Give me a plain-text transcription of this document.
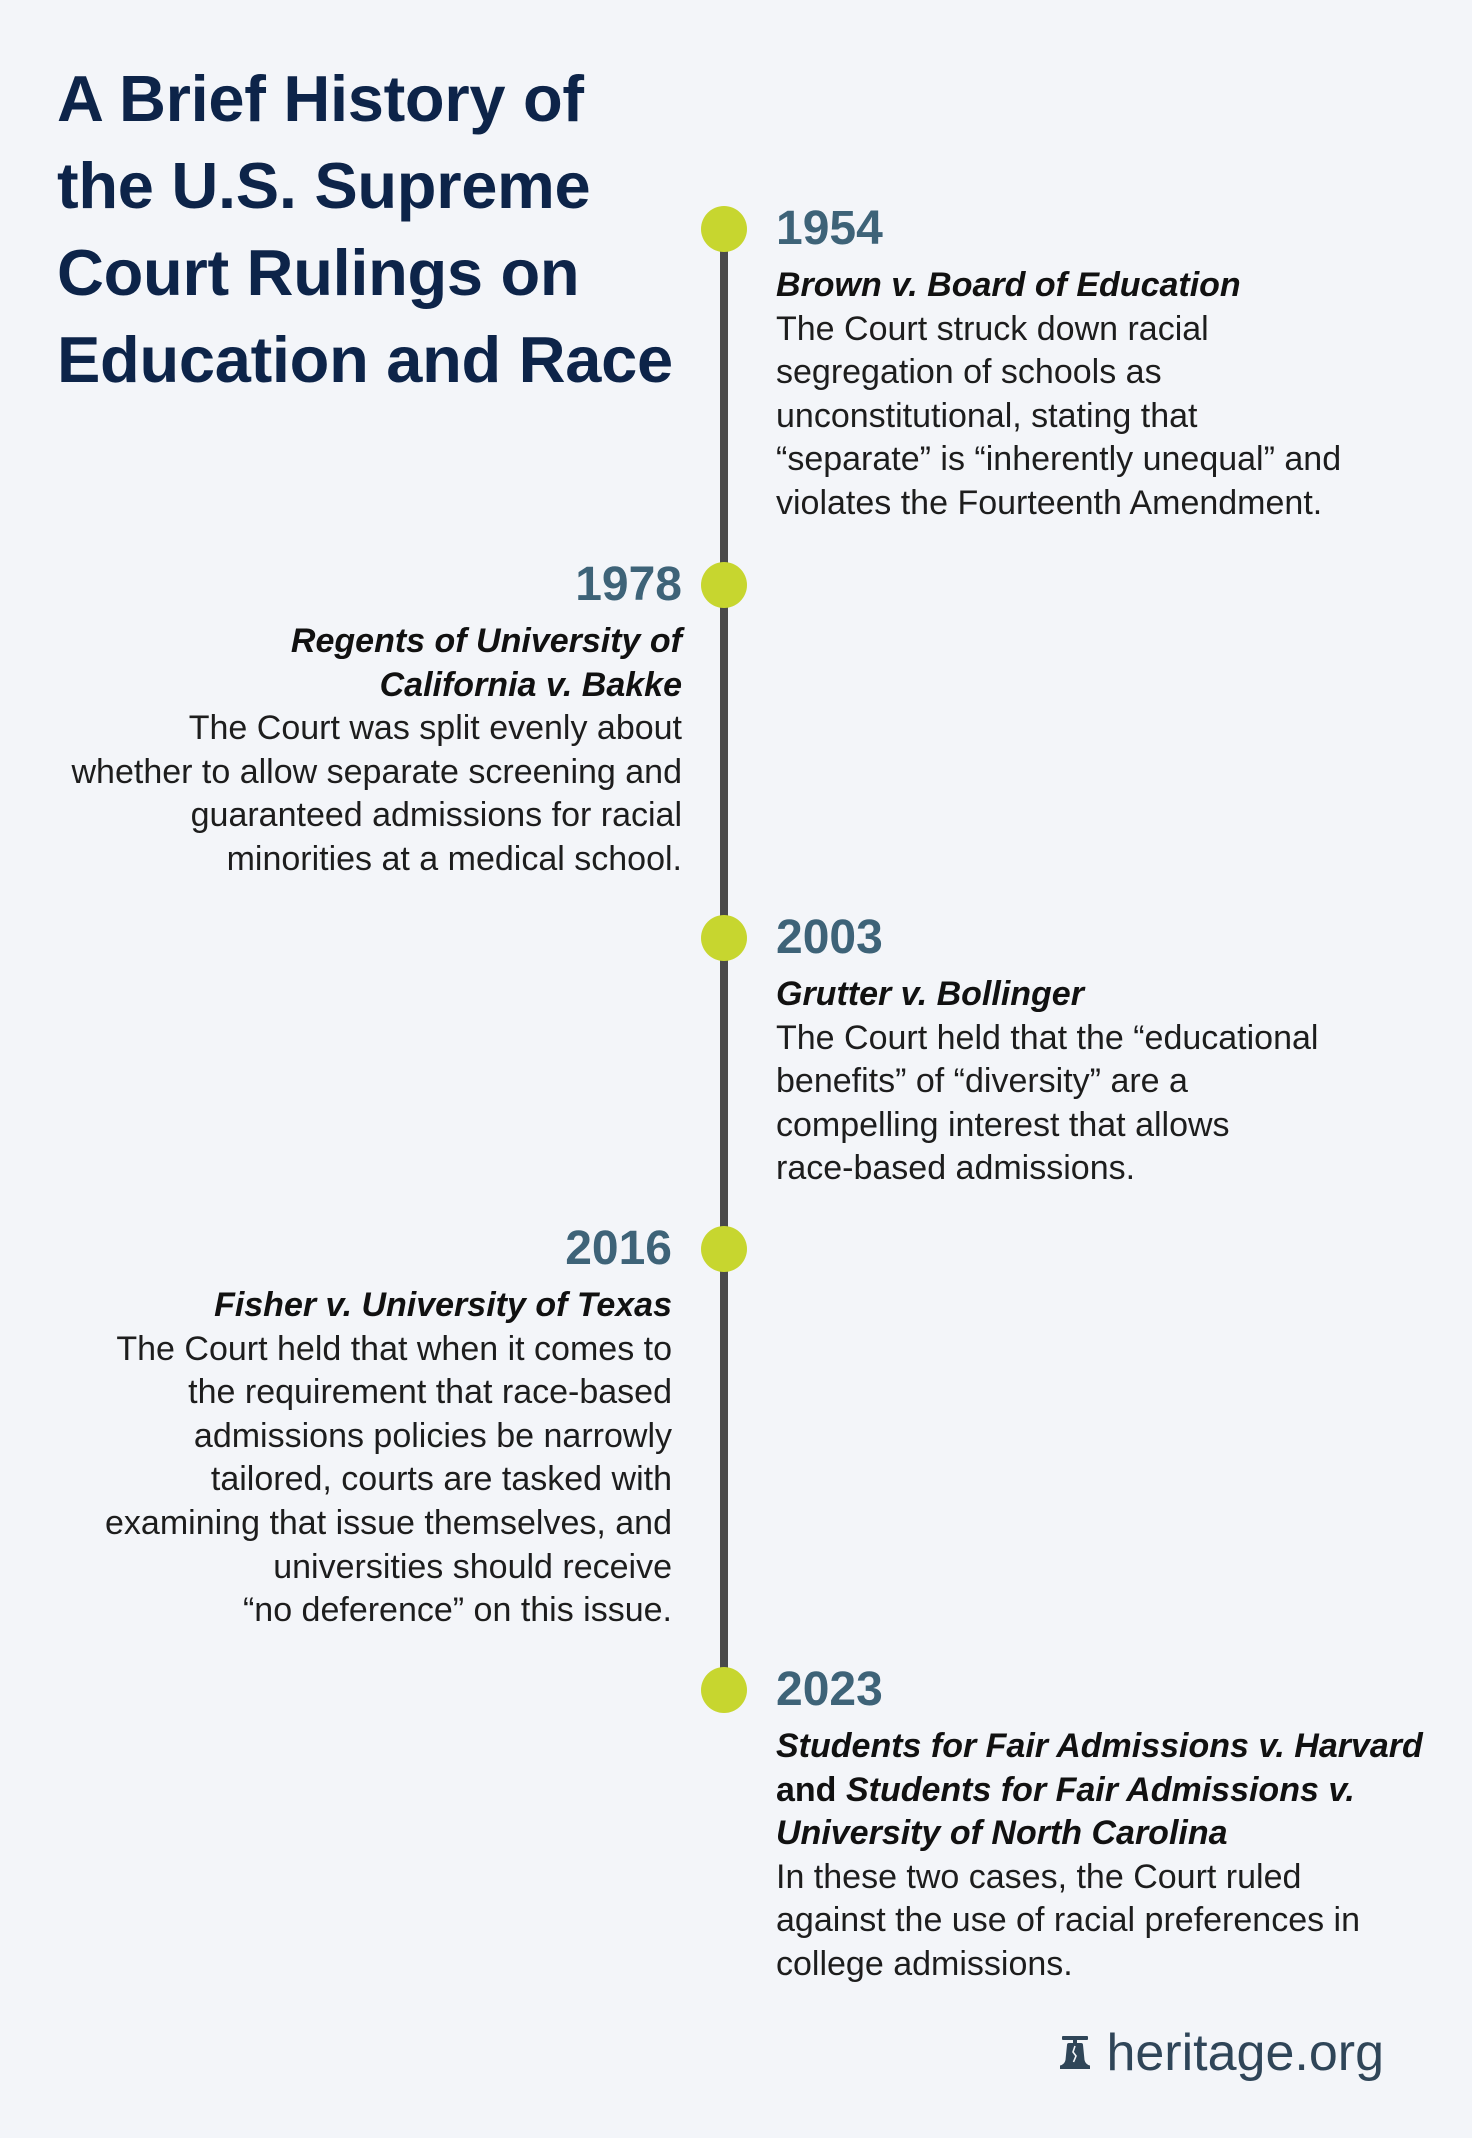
A Brief History of
the U.S. Supreme
Court Rulings on
Education and Race
1954
Brown v. Board of Education
The Court struck down racial
segregation of schools as
unconstitutional, stating that
“separate” is “inherently unequal” and
violates the Fourteenth Amendment.
1978
Regents of University of
California v. Bakke
The Court was split evenly about
whether to allow separate screening and
guaranteed admissions for racial
minorities at a medical school.
2003
Grutter v. Bollinger
The Court held that the “educational
benefits” of “diversity” are a
compelling interest that allows
race-based admissions.
2016
Fisher v. University of Texas
The Court held that when it comes to
the requirement that race-based
admissions policies be narrowly
tailored, courts are tasked with
examining that issue themselves, and
universities should receive
“no deference” on this issue.
2023
Students for Fair Admissions v. Harvard
and Students for Fair Admissions v.
University of North Carolina
In these two cases, the Court ruled
against the use of racial preferences in
college admissions.
heritage.org
